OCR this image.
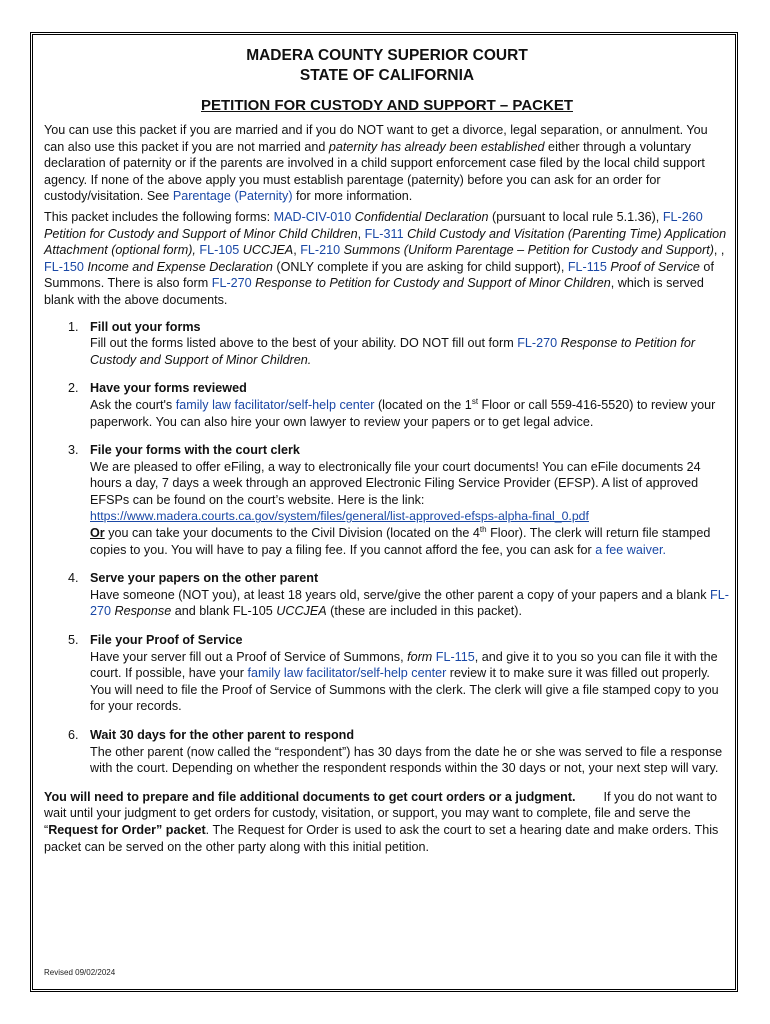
MADERA COUNTY SUPERIOR COURT
STATE OF CALIFORNIA
PETITION FOR CUSTODY AND SUPPORT – PACKET

You can use this packet if you are married and if you do NOT want to get a divorce, legal separation, or annulment. You can also use this packet if you are not married and paternity has already been established either through a voluntary declaration of paternity or if the parents are involved in a child support enforcement case filed by the local child support agency. If none of the above apply you must establish parentage (paternity) before you can ask for an order for custody/visitation. See Parentage (Paternity) for more information.

This packet includes the following forms: MAD-CIV-010 Confidential Declaration (pursuant to local rule 5.1.36), FL-260 Petition for Custody and Support of Minor Child Children, FL-311 Child Custody and Visitation (Parenting Time) Application Attachment (optional form), FL-105 UCCJEA, FL-210 Summons (Uniform Parentage – Petition for Custody and Support), , FL-150 Income and Expense Declaration (ONLY complete if you are asking for child support), FL-115 Proof of Service of Summons. There is also form FL-270 Response to Petition for Custody and Support of Minor Children, which is served blank with the above documents.

1. Fill out your forms
Fill out the forms listed above to the best of your ability. DO NOT fill out form FL-270 Response to Petition for Custody and Support of Minor Children.
2. Have your forms reviewed
Ask the court's family law facilitator/self-help center (located on the 1st Floor or call 559-416-5520) to review your paperwork. You can also hire your own lawyer to review your papers or to get legal advice.
3. File your forms with the court clerk
We are pleased to offer eFiling, a way to electronically file your court documents! You can eFile documents 24 hours a day, 7 days a week through an approved Electronic Filing Service Provider (EFSP). A list of approved EFSPs can be found on the court’s website. Here is the link:
https://www.madera.courts.ca.gov/system/files/general/list-approved-efsps-alpha-final_0.pdf
Or you can take your documents to the Civil Division (located on the 4th Floor). The clerk will return file stamped copies to you. You will have to pay a filing fee. If you cannot afford the fee, you can ask for a fee waiver.
4. Serve your papers on the other parent
Have someone (NOT you), at least 18 years old, serve/give the other parent a copy of your papers and a blank FL-270 Response and blank FL-105 UCCJEA (these are included in this packet).
5. File your Proof of Service
Have your server fill out a Proof of Service of Summons, form FL-115, and give it to you so you can file it with the court. If possible, have your family law facilitator/self-help center review it to make sure it was filled out properly. You will need to file the Proof of Service of Summons with the clerk. The clerk will give a file stamped copy to you for your records.
6. Wait 30 days for the other parent to respond
The other parent (now called the “respondent”) has 30 days from the date he or she was served to file a response with the court. Depending on whether the respondent responds within the 30 days or not, your next step will vary.

You will need to prepare and file additional documents to get court orders or a judgment.        If you do not want to wait until your judgment to get orders for custody, visitation, or support, you may want to complete, file and serve the “Request for Order” packet. The Request for Order is used to ask the court to set a hearing date and make orders. This packet can be served on the other party along with this initial petition.

Revised 09/02/2024
